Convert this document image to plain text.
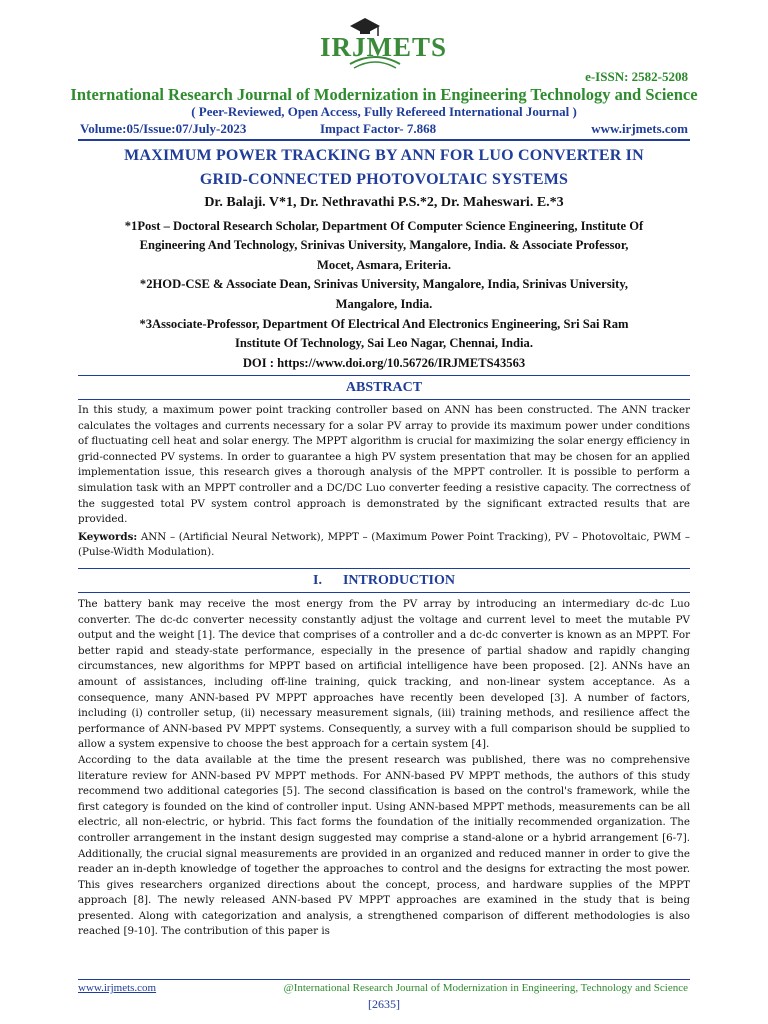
IRJMETS
e-ISSN: 2582-5208
International Research Journal of Modernization in Engineering Technology and Science
( Peer-Reviewed, Open Access, Fully Refereed International Journal )
Volume:05/Issue:07/July-2023	Impact Factor- 7.868	www.irjmets.com
MAXIMUM POWER TRACKING BY ANN FOR LUO CONVERTER IN
GRID-CONNECTED PHOTOVOLTAIC SYSTEMS
Dr. Balaji. V*1, Dr. Nethravathi P.S.*2, Dr. Maheswari. E.*3
*1Post – Doctoral Research Scholar, Department Of Computer Science Engineering, Institute Of
Engineering And Technology, Srinivas University, Mangalore, India. & Associate Professor,
Mocet, Asmara, Eriteria.
*2HOD-CSE & Associate Dean, Srinivas University, Mangalore, India, Srinivas University,
Mangalore, India.
*3Associate-Professor, Department Of Electrical And Electronics Engineering, Sri Sai Ram
Institute Of Technology, Sai Leo Nagar, Chennai, India.
DOI : https://www.doi.org/10.56726/IRJMETS43563
ABSTRACT

In this study, a maximum power point tracking controller based on ANN has been constructed. The ANN tracker calculates the voltages and currents necessary for a solar PV array to provide its maximum power under conditions of fluctuating cell heat and solar energy. The MPPT algorithm is crucial for maximizing the solar energy efficiency in grid-connected PV systems. In order to guarantee a high PV system presentation that may be chosen for an applied implementation issue, this research gives a thorough analysis of the MPPT controller. It is possible to perform a simulation task with an MPPT controller and a DC/DC Luo converter feeding a resistive capacity. The correctness of the suggested total PV system control approach is demonstrated by the significant extracted results that are provided.

Keywords: ANN – (Artificial Neural Network), MPPT – (Maximum Power Point Tracking), PV – Photovoltaic, PWM – (Pulse-Width Modulation).

I.      INTRODUCTION

The battery bank may receive the most energy from the PV array by introducing an intermediary dc-dc Luo converter. The dc-dc converter necessity constantly adjust the voltage and current level to meet the mutable PV output and the weight [1]. The device that comprises of a controller and a dc-dc converter is known as an MPPT. For better rapid and steady-state performance, especially in the presence of partial shadow and rapidly changing circumstances, new algorithms for MPPT based on artificial intelligence have been proposed. [2]. ANNs have an amount of assistances, including off-line training, quick tracking, and non-linear system acceptance. As a consequence, many ANN-based PV MPPT approaches have recently been developed [3]. A number of factors, including (i) controller setup, (ii) necessary measurement signals, (iii) training methods, and resilience affect the performance of ANN-based PV MPPT systems. Consequently, a survey with a full comparison should be supplied to allow a system expensive to choose the best approach for a certain system [4].

According to the data available at the time the present research was published, there was no comprehensive literature review for ANN-based PV MPPT methods. For ANN-based PV MPPT methods, the authors of this study recommend two additional categories [5]. The second classification is based on the control's framework, while the first category is founded on the kind of controller input. Using ANN-based MPPT methods, measurements can be all electric, all non-electric, or hybrid. This fact forms the foundation of the initially recommended organization. The controller arrangement in the instant design suggested may comprise a stand-alone or a hybrid arrangement [6-7]. Additionally, the crucial signal measurements are provided in an organized and reduced manner in order to give the reader an in-depth knowledge of together the approaches to control and the designs for extracting the most power. This gives researchers organized directions about the concept, process, and hardware supplies of the MPPT approach [8]. The newly released ANN-based PV MPPT approaches are examined in the study that is being presented. Along with categorization and analysis, a strengthened comparison of different methodologies is also reached [9-10]. The contribution of this paper is

www.irjmets.com	@International Research Journal of Modernization in Engineering, Technology and Science
[2635]
